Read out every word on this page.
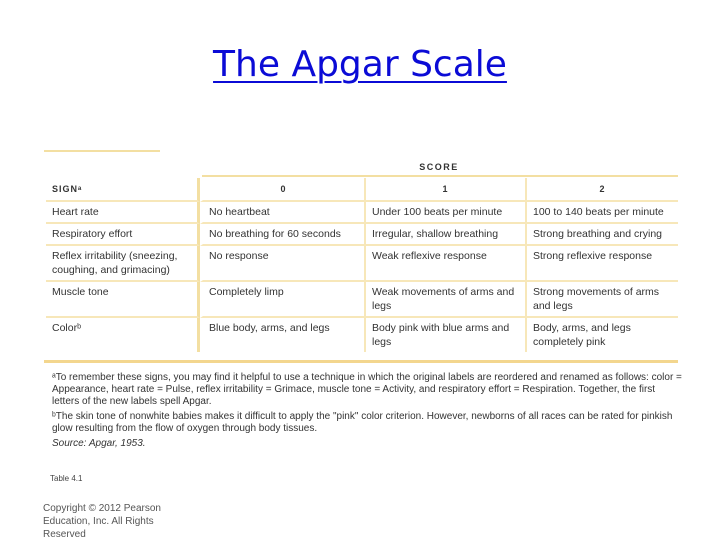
The Apgar Scale
SCORE
SIGNᵃ	0	1	2
Heart rate	No heartbeat	Under 100 beats per minute	100 to 140 beats per minute
Respiratory effort	No breathing for 60 seconds	Irregular, shallow breathing	Strong breathing and crying
Reflex irritability (sneezing, coughing, and grimacing)	No response	Weak reflexive response	Strong reflexive response
Muscle tone	Completely limp	Weak movements of arms and legs	Strong movements of arms and legs
Colorᵇ	Blue body, arms, and legs	Body pink with blue arms and legs	Body, arms, and legs completely pink

ᵃTo remember these signs, you may find it helpful to use a technique in which the original labels are reordered and renamed as follows: color = Appearance, heart rate = Pulse, reflex irritability = Grimace, muscle tone = Activity, and respiratory effort = Respiration. Together, the first letters of the new labels spell Apgar.

ᵇThe skin tone of nonwhite babies makes it difficult to apply the "pink" color criterion. However, newborns of all races can be rated for pinkish glow resulting from the flow of oxygen through body tissues.

Source: Apgar, 1953.

Table 4.1
Copyright © 2012 Pearson Education, Inc. All Rights Reserved
